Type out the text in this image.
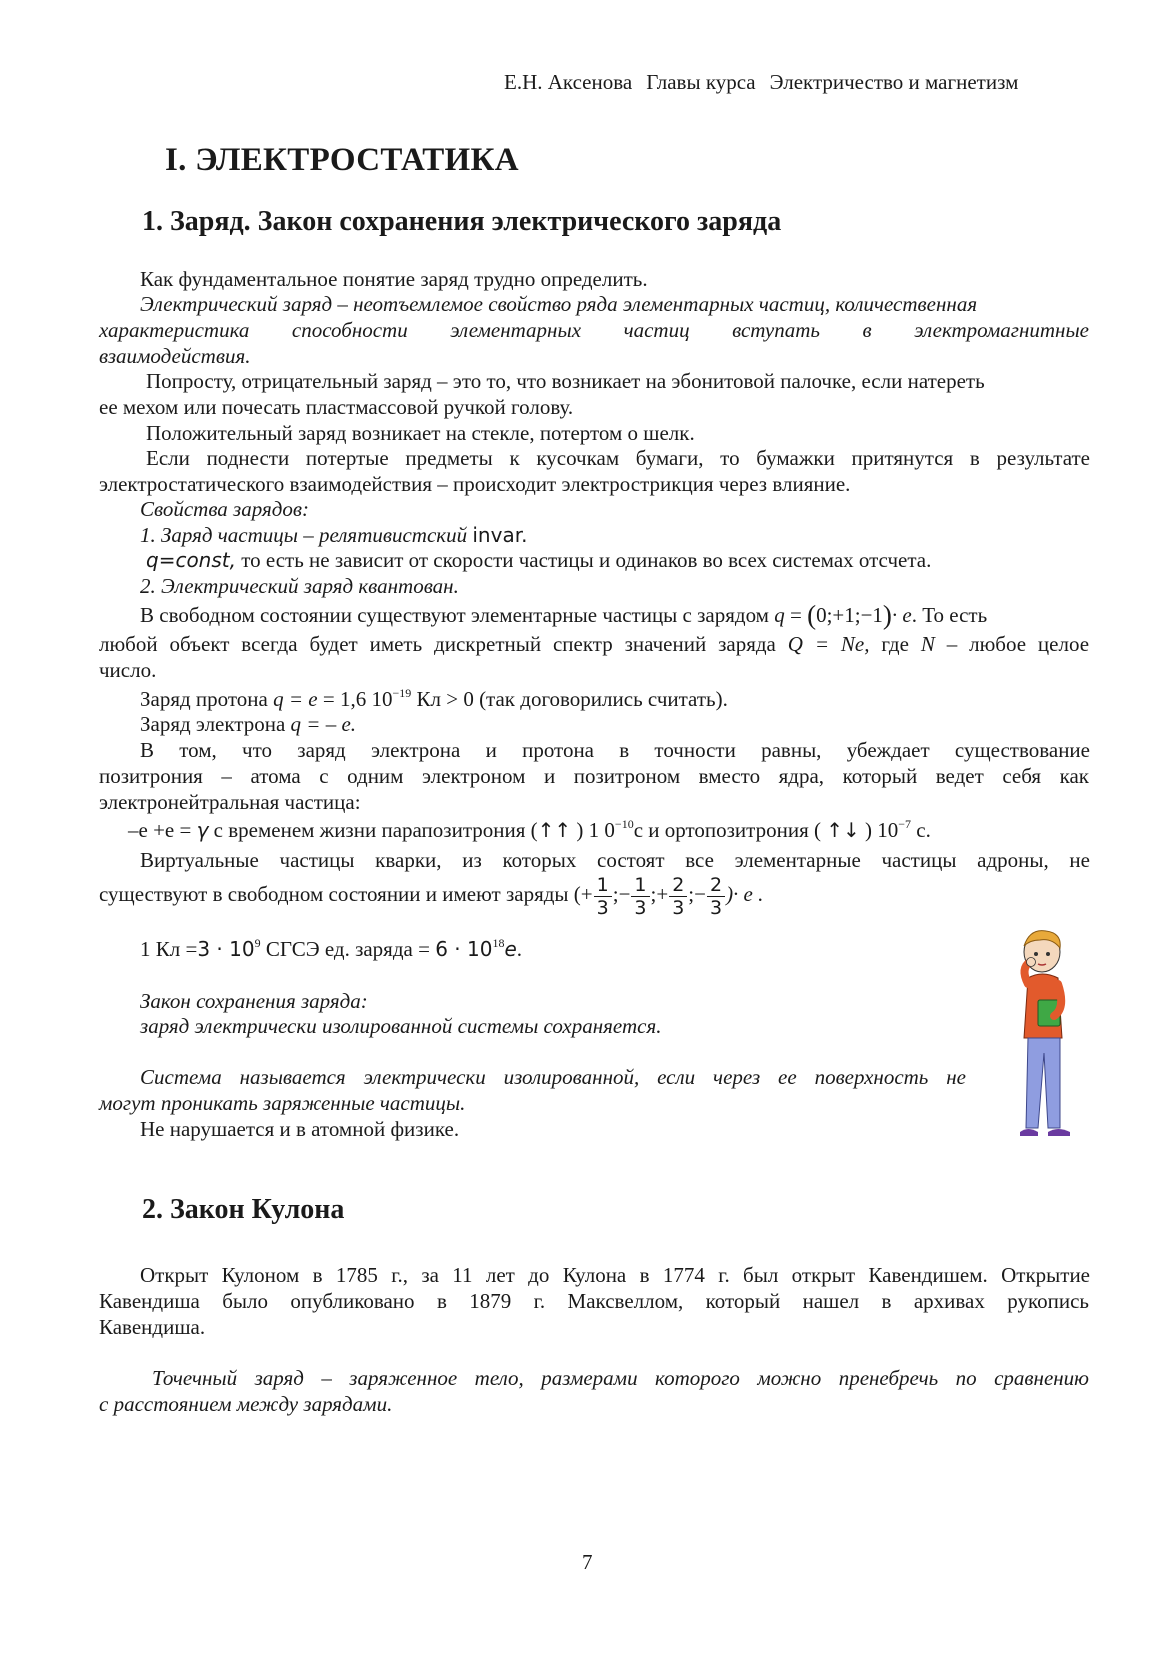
Е.Н. Аксенова Главы курса Электричество и магнетизм
I. ЭЛЕКТРОСТАТИКА
1. Заряд. Закон сохранения электрического заряда
Как фундаментальное понятие заряд трудно определить.
Электрический заряд – неотъемлемое свойство ряда элементарных частиц, количественная
характеристика способности элементарных частиц вступать в электромагнитные
взаимодействия.
Попросту, отрицательный заряд – это то, что возникает на эбонитовой палочке, если натереть
ее мехом или почесать пластмассовой ручкой голову.
Положительный заряд возникает на стекле, потертом о шелк.
Если поднести потертые предметы к кусочкам бумаги, то бумажки притянутся в результате
электростатического взаимодействия – происходит электрострикция через влияние.
Свойства зарядов:
1. Заряд частицы – релятивистский invar.
q=const, то есть не зависит от скорости частицы и одинаков во всех системах отсчета.
2. Электрический заряд квантован.
В свободном состоянии существуют элементарные частицы с зарядом q = (0;+1;−1)· e. То есть
любой объект всегда будет иметь дискретный спектр значений заряда Q = Ne, где N – любое целое
число.
Заряд протона q = e = 1,6 $10^{-19}$ Кл > 0 (так договорились считать).
Заряд электрона q = – e.
В том, что заряд электрона и протона в точности равны, убеждает существование
позитрония – атома с одним электроном и позитроном вместо ядра, который ведет себя как
электронейтральная частица:
–e +e = γ с временем жизни парапозитрония (↑↑ ) 1 $0^{-10}с$ и ортопозитрония ( ↑↓ ) $10^{-7}$ с.
Виртуальные частицы кварки, из которых состоят все элементарные частицы адроны, не
существуют в свободном состоянии и имеют заряды (+ $\frac{1}{3}$ ;− $\frac{1}{3}$ ;+ $\frac{2}{3}$ ;− $\frac{2}{3}$ )· e .
1 Кл $=3 \cdot 10^9$ СГСЭ ед. заряда = $6 \cdot 10^{18}e$.
Закон сохранения заряда:
заряд электрически изолированной системы сохраняется.
Система называется электрически изолированной, если через ее поверхность не
могут проникать заряженные частицы.
Не нарушается и в атомной физике.
2. Закон Кулона
Открыт Кулоном в 1785 г., за 11 лет до Кулона в 1774 г. был открыт Кавендишем. Открытие
Кавендиша было опубликовано в 1879 г. Максвеллом, который нашел в архивах рукопись
Кавендиша.
Точечный заряд – заряженное тело, размерами которого можно пренебречь по сравнению
с расстоянием между зарядами.
7
